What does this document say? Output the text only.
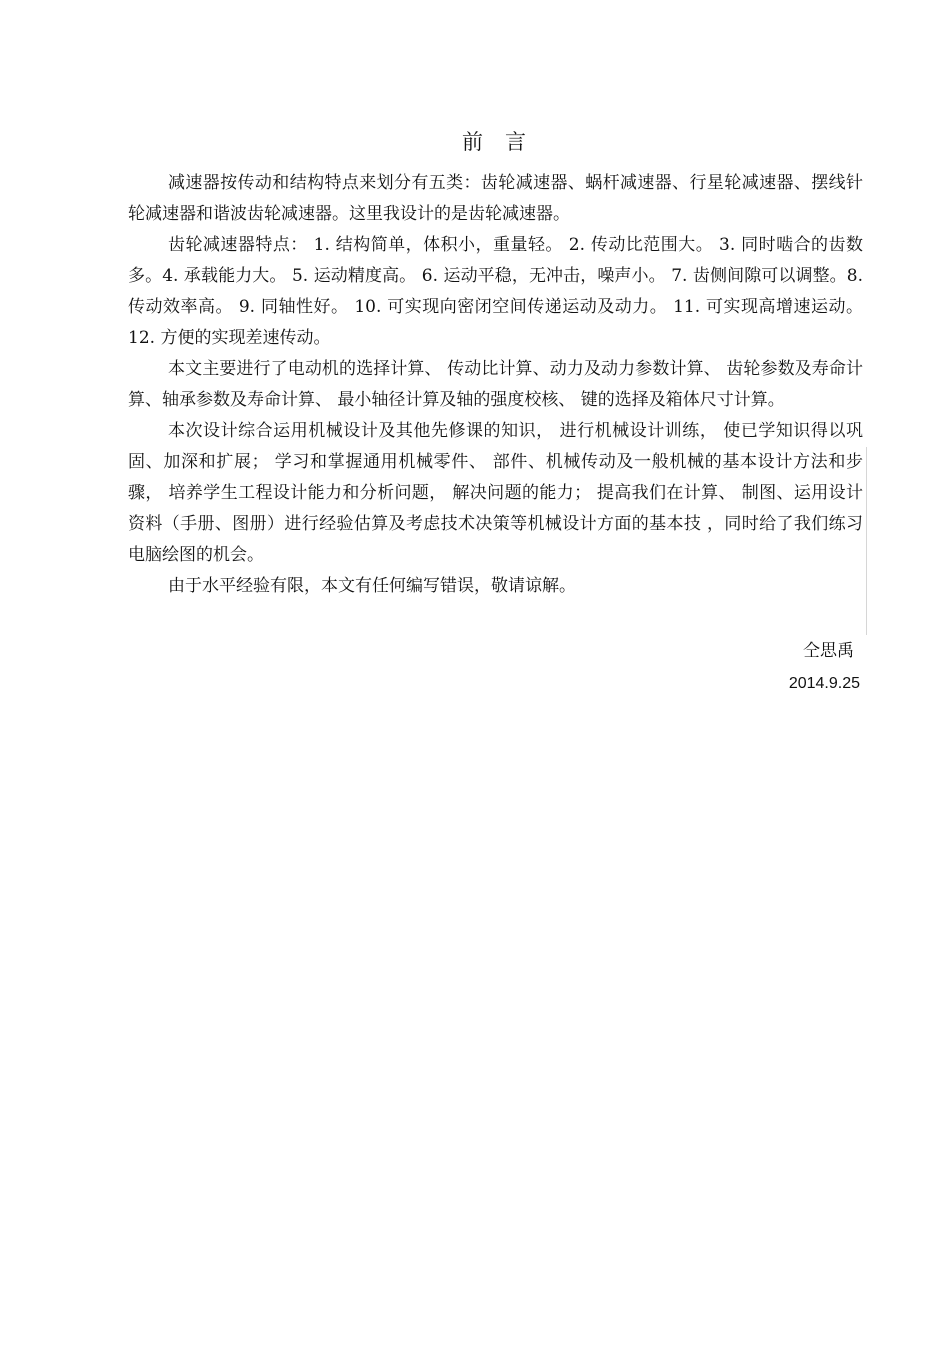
前言

减速器按传动和结构特点来划分有五类：齿轮减速器、蜗杆减速器、行星轮减速器、摆线针轮减速器和谐波齿轮减速器。这里我设计的是齿轮减速器。

齿轮减速器特点： 1. 结构简单，体积小，重量轻。 2. 传动比范围大。 3. 同时啮合的齿数多。4. 承载能力大。 5. 运动精度高。 6. 运动平稳，无冲击，噪声小。 7. 齿侧间隙可以调整。8. 传动效率高。 9. 同轴性好。 10. 可实现向密闭空间传递运动及动力。 11. 可实现高增速运动。 12. 方便的实现差速传动。

本文主要进行了电动机的选择计算、 传动比计算、动力及动力参数计算、 齿轮参数及寿命计算、轴承参数及寿命计算、 最小轴径计算及轴的强度校核、 键的选择及箱体尺寸计算。

本次设计综合运用机械设计及其他先修课的知识， 进行机械设计训练， 使已学知识得以巩固、加深和扩展； 学习和掌握通用机械零件、 部件、机械传动及一般机械的基本设计方法和步骤， 培养学生工程设计能力和分析问题， 解决问题的能力； 提高我们在计算、 制图、运用设计资料（手册、图册）进行经验估算及考虑技术决策等机械设计方面的基本技 ，同时给了我们练习电脑绘图的机会。

由于水平经验有限，本文有任何编写错误，敬请谅解。

仝思禹
2014.9.25
